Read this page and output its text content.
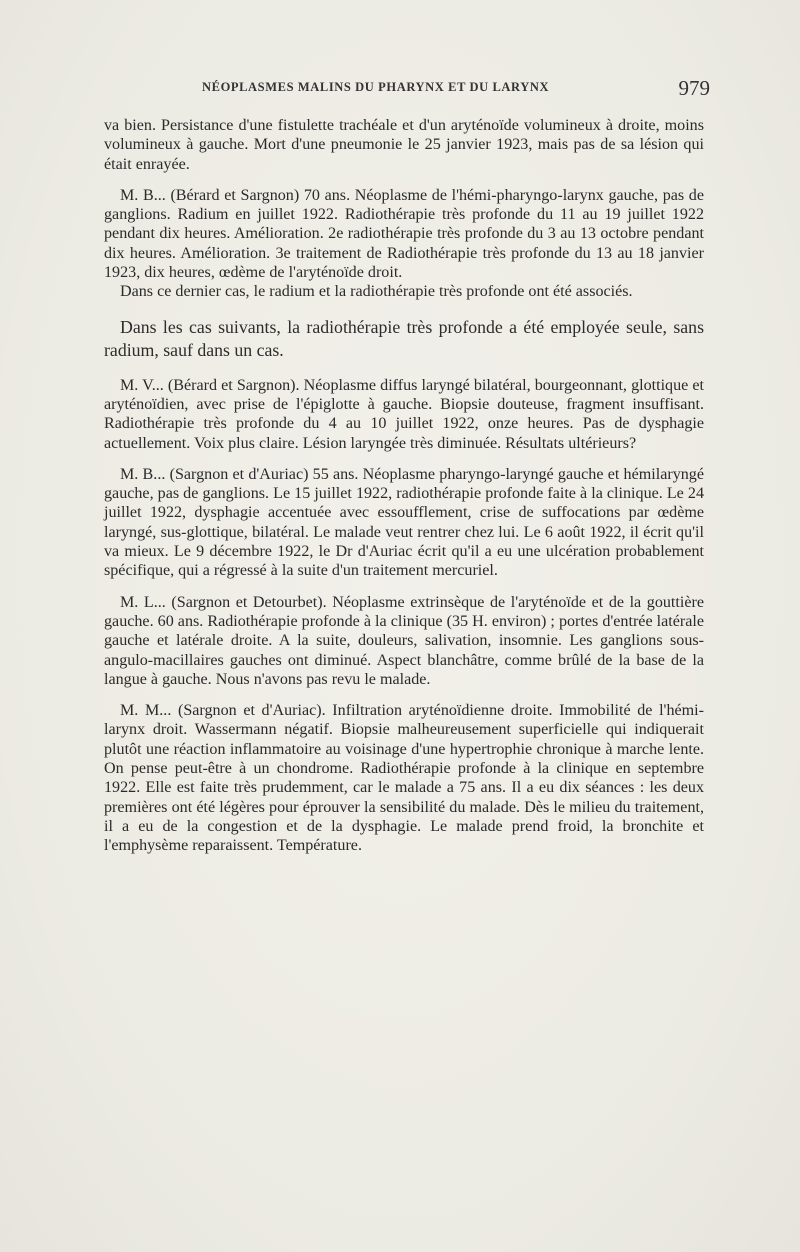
NÉOPLASMES MALINS DU PHARYNX ET DU LARYNX	979

va bien. Persistance d'une fistulette trachéale et d'un aryténoïde volumineux à droite, moins volumineux à gauche. Mort d'une pneumonie le 25 janvier 1923, mais pas de sa lésion qui était enrayée.

M. B... (Bérard et Sargnon) 70 ans. Néoplasme de l'hémi-pharyngo-larynx gauche, pas de ganglions. Radium en juillet 1922. Radiothérapie très profonde du 11 au 19 juillet 1922 pendant dix heures. Amélioration. 2e radiothérapie très profonde du 3 au 13 octobre pendant dix heures. Amélioration. 3e traitement de Radiothérapie très profonde du 13 au 18 janvier 1923, dix heures, œdème de l'aryténoïde droit.

Dans ce dernier cas, le radium et la radiothérapie très profonde ont été associés.

Dans les cas suivants, la radiothérapie très profonde a été employée seule, sans radium, sauf dans un cas.

M. V... (Bérard et Sargnon). Néoplasme diffus laryngé bilatéral, bourgeonnant, glottique et aryténoïdien, avec prise de l'épiglotte à gauche. Biopsie douteuse, fragment insuffisant. Radiothérapie très profonde du 4 au 10 juillet 1922, onze heures. Pas de dysphagie actuellement. Voix plus claire. Lésion laryngée très diminuée. Résultats ultérieurs?

M. B... (Sargnon et d'Auriac) 55 ans. Néoplasme pharyngo-laryngé gauche et hémilaryngé gauche, pas de ganglions. Le 15 juillet 1922, radiothérapie profonde faite à la clinique. Le 24 juillet 1922, dysphagie accentuée avec essoufflement, crise de suffocations par œdème laryngé, sus-glottique, bilatéral. Le malade veut rentrer chez lui. Le 6 août 1922, il écrit qu'il va mieux. Le 9 décembre 1922, le Dr d'Auriac écrit qu'il a eu une ulcération probablement spécifique, qui a régressé à la suite d'un traitement mercuriel.

M. L... (Sargnon et Detourbet). Néoplasme extrinsèque de l'aryténoïde et de la gouttière gauche. 60 ans. Radiothérapie profonde à la clinique (35 H. environ) ; portes d'entrée latérale gauche et latérale droite. A la suite, douleurs, salivation, insomnie. Les ganglions sous-angulo-macillaires gauches ont diminué. Aspect blanchâtre, comme brûlé de la base de la langue à gauche. Nous n'avons pas revu le malade.

M. M... (Sargnon et d'Auriac). Infiltration aryténoïdienne droite. Immobilité de l'hémi-larynx droit. Wassermann négatif. Biopsie malheureusement superficielle qui indiquerait plutôt une réaction inflammatoire au voisinage d'une hypertrophie chronique à marche lente. On pense peut-être à un chondrome. Radiothérapie profonde à la clinique en septembre 1922. Elle est faite très prudemment, car le malade a 75 ans. Il a eu dix séances : les deux premières ont été légères pour éprouver la sensibilité du malade. Dès le milieu du traitement, il a eu de la congestion et de la dysphagie. Le malade prend froid, la bronchite et l'emphysème reparaissent. Température.
